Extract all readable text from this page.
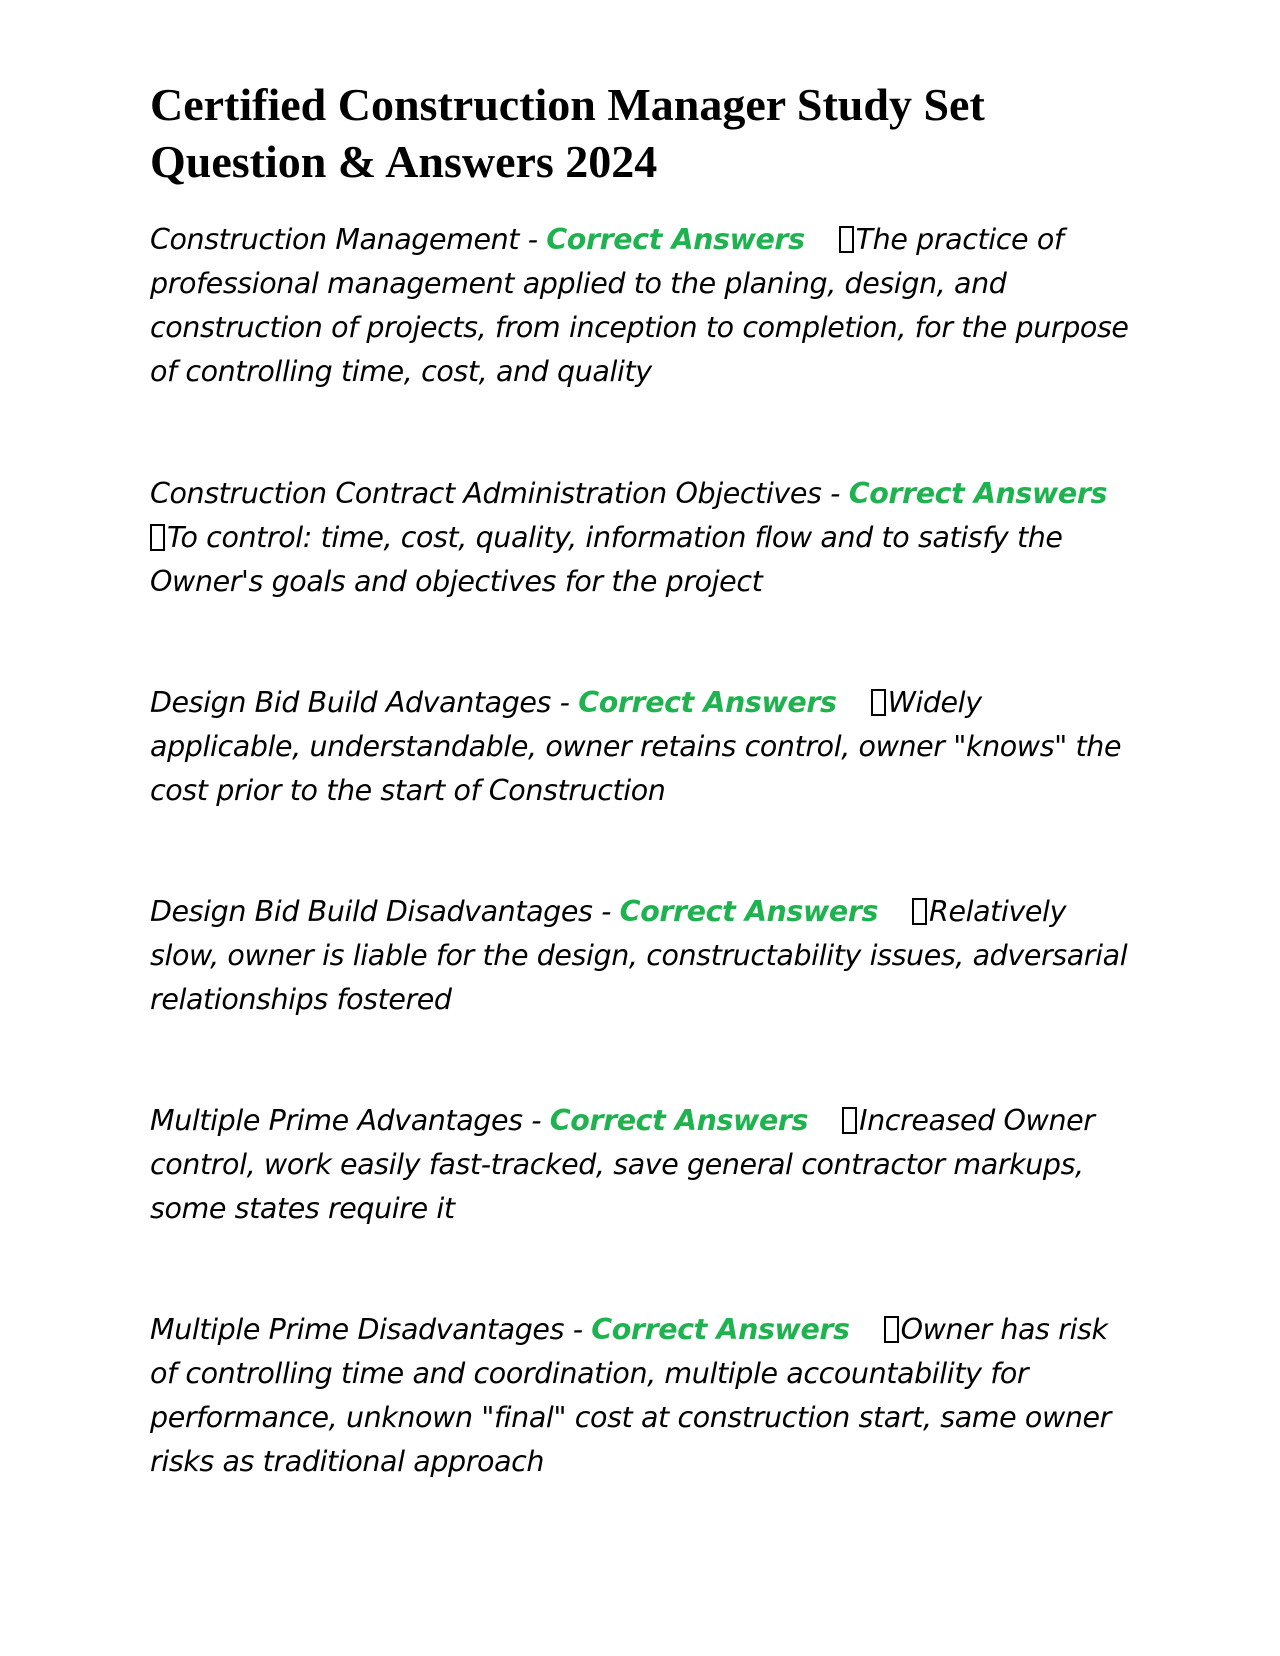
Certified Construction Manager Study Set Question & Answers 2024

Construction Management - Correct Answers The practice of professional management applied to the planing, design, and construction of projects, from inception to completion, for the purpose of controlling time, cost, and quality

Construction Contract Administration Objectives - Correct AnswersTo control: time, cost, quality, information flow and to satisfy the Owner's goals and objectives for the project

Design Bid Build Advantages - Correct Answers Widely applicable, understandable, owner retains control, owner "knows" the cost prior to the start of Construction

Design Bid Build Disadvantages - Correct Answers Relatively slow, owner is liable for the design, constructability issues, adversarial relationships fostered

Multiple Prime Advantages - Correct Answers Increased Owner control, work easily fast-tracked, save general contractor markups, some states require it

Multiple Prime Disadvantages - Correct Answers Owner has risk of controlling time and coordination, multiple accountability for performance, unknown "final" cost at construction start, same owner risks as traditional approach
